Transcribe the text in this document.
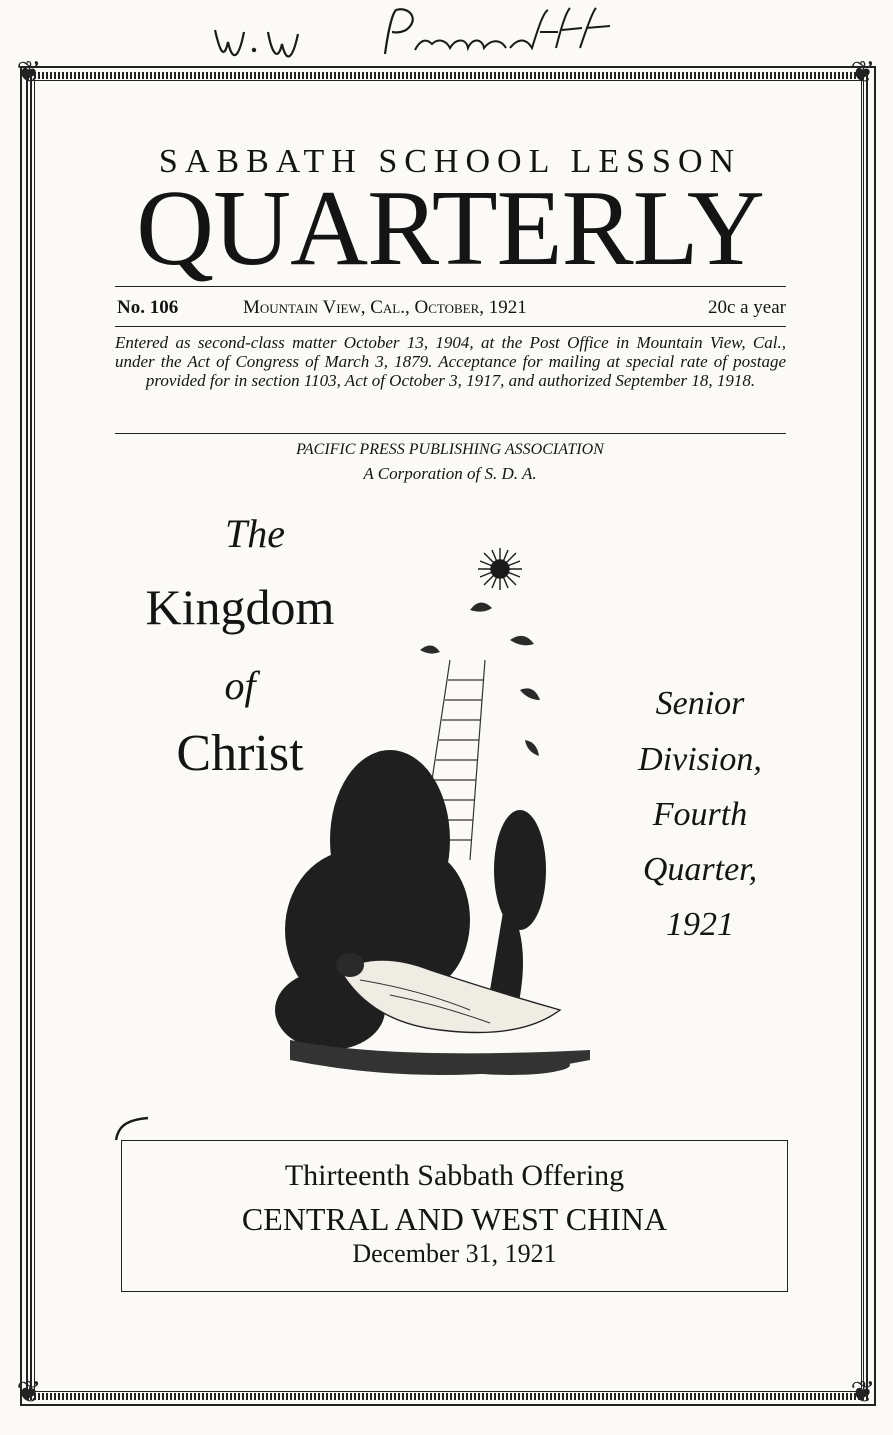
❦	❦
❦	❦
SABBATH SCHOOL LESSON
QUARTERLY
No. 106	Mountain View, Cal., October, 1921	20c a year
Entered as second-class matter October 13, 1904, at the Post Office in Mountain View, Cal., under the Act of Congress of March 3, 1879. Acceptance for mailing at special rate of postage provided for in section 1103, Act of October 3, 1917, and authorized September 18, 1918.
PACIFIC PRESS PUBLISHING ASSOCIATION
A Corporation of S. D. A.
The
Kingdom
of
Christ
Senior
Division,
Fourth
Quarter,
1921
Thirteenth Sabbath Offering
CENTRAL AND WEST CHINA
December 31, 1921
